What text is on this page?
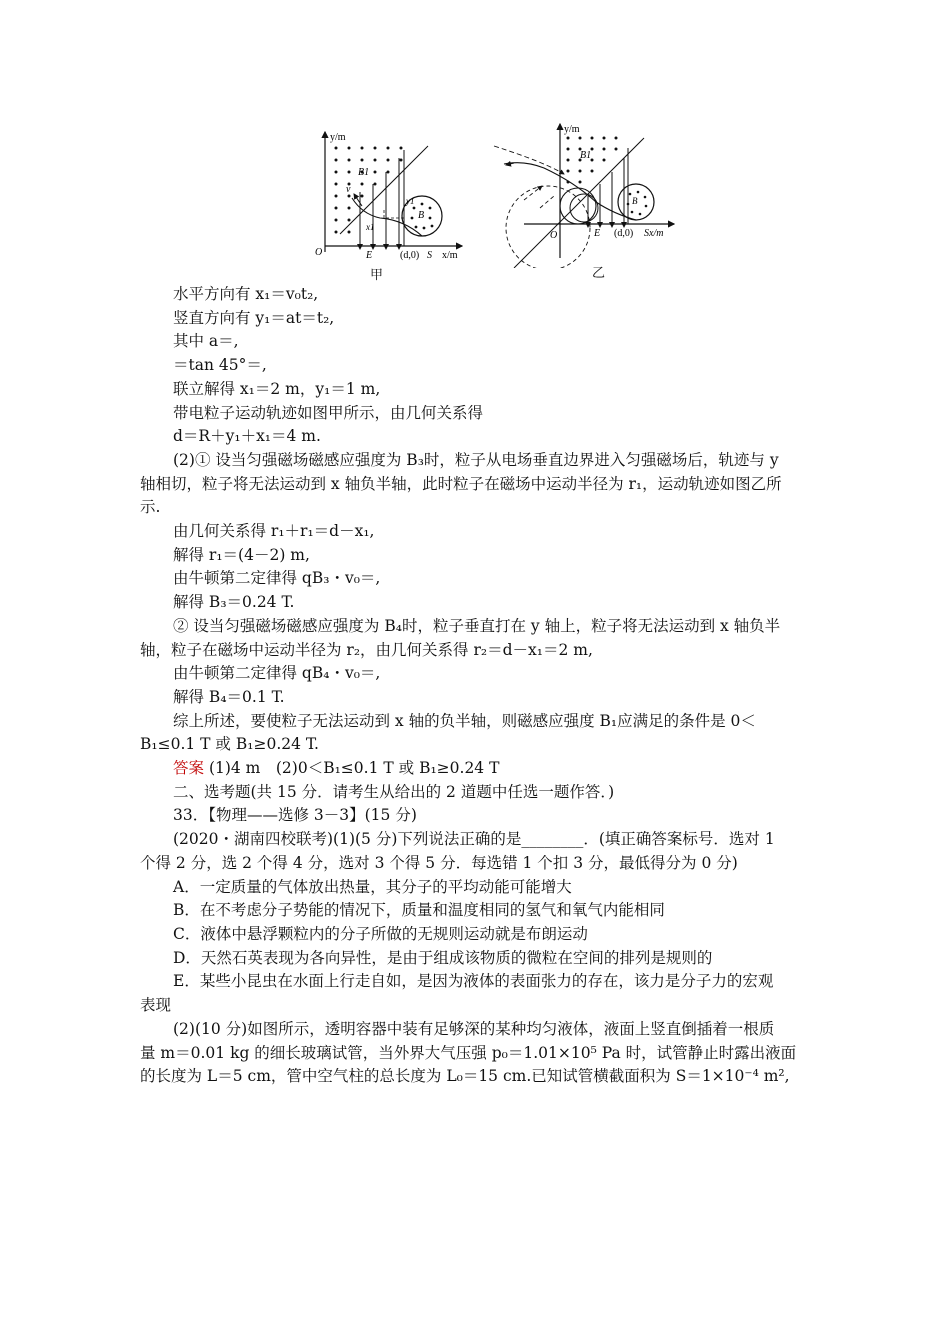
y/m
x/m
O
B1
v
x1
y1
B
E	(d,0) S
甲
y/m
B1
B
O	E (d,0) Sx/m
乙

水平方向有 x₁＝v₀t₂,

竖直方向有 y₁＝at＝t₂,

其中 a＝,

＝tan 45°＝,

联立解得 x₁＝2 m，y₁＝1 m,

带电粒子运动轨迹如图甲所示，由几何关系得

d＝R＋y₁＋x₁＝4 m.

(2)① 设当匀强磁场磁感应强度为 B₃时，粒子从电场垂直边界进入匀强磁场后，轨迹与 y

轴相切，粒子将无法运动到 x 轴负半轴，此时粒子在磁场中运动半径为 r₁，运动轨迹如图乙所

示.

由几何关系得 r₁＋r₁＝d－x₁,

解得 r₁＝(4－2) m,

由牛顿第二定律得 qB₃・v₀＝,

解得 B₃＝0.24 T.

② 设当匀强磁场磁感应强度为 B₄时，粒子垂直打在 y 轴上，粒子将无法运动到 x 轴负半

轴，粒子在磁场中运动半径为 r₂，由几何关系得 r₂＝d－x₁＝2 m,

由牛顿第二定律得 qB₄・v₀＝,

解得 B₄＝0.1 T.

综上所述，要使粒子无法运动到 x 轴的负半轴，则磁感应强度 B₁应满足的条件是 0＜

B₁≤0.1 T 或 B₁≥0.24 T.

答案 (1)4 m　(2)0＜B₁≤0.1 T 或 B₁≥0.24 T

二、选考题(共 15 分．请考生从给出的 2 道题中任选一题作答．)

33．【物理——选修 3－3】(15 分)

(2020・湖南四校联考)(1)(5 分)下列说法正确的是________．(填正确答案标号．选对 1

个得 2 分，选 2 个得 4 分，选对 3 个得 5 分．每选错 1 个扣 3 分，最低得分为 0 分)

A．一定质量的气体放出热量，其分子的平均动能可能增大

B．在不考虑分子势能的情况下，质量和温度相同的氢气和氧气内能相同

C．液体中悬浮颗粒内的分子所做的无规则运动就是布朗运动

D．天然石英表现为各向异性，是由于组成该物质的微粒在空间的排列是规则的

E．某些小昆虫在水面上行走自如，是因为液体的表面张力的存在，该力是分子力的宏观

表现

(2)(10 分)如图所示，透明容器中装有足够深的某种均匀液体，液面上竖直倒插着一根质

量 m＝0.01 kg 的细长玻璃试管，当外界大气压强 p₀＝1.01×10⁵ Pa 时，试管静止时露出液面

的长度为 L＝5 cm，管中空气柱的总长度为 L₀＝15 cm.已知试管横截面积为 S＝1×10⁻⁴ m²,
